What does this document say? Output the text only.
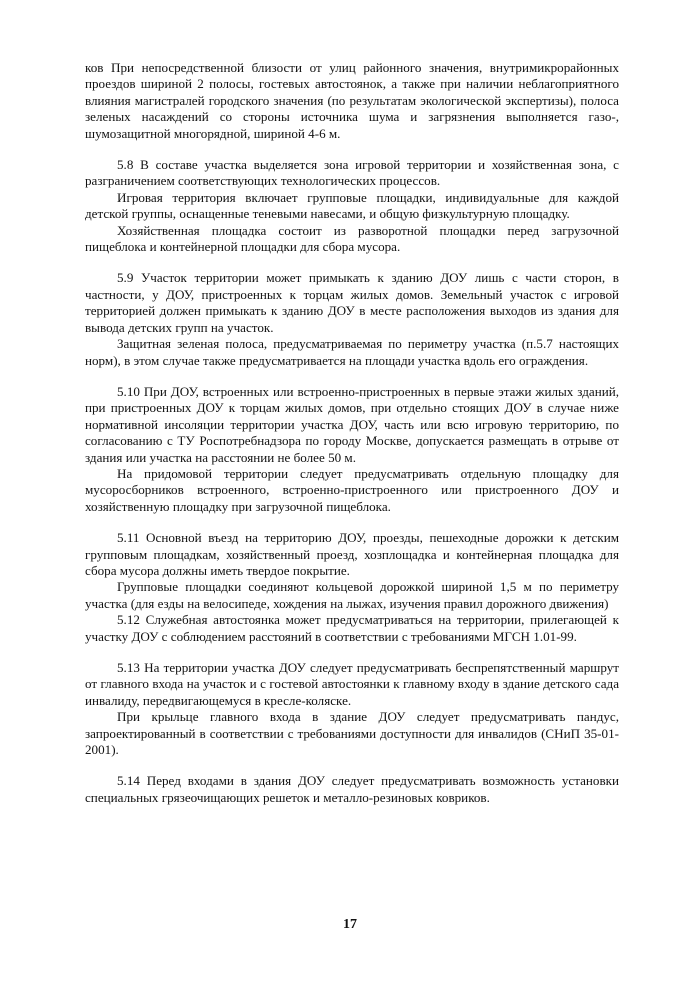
ков При непосредственной близости от улиц районного значения, внутримикрорайонных проездов шириной 2 полосы, гостевых автостоянок, а также при наличии неблагоприятного влияния магистралей городского значения (по результатам экологической экспертизы), полоса зеленых насаждений со стороны источника шума и загрязнения выполняется газо-, шумозащитной многорядной, шириной 4-6 м.

5.8 В составе участка выделяется зона игровой территории и хозяйственная зона, с разграничением соответствующих технологических процессов.

Игровая территория включает групповые площадки, индивидуальные для каждой детской группы, оснащенные теневыми навесами, и общую физкультурную площадку.

Хозяйственная площадка состоит из разворотной площадки перед загрузочной пищеблока и контейнерной площадки для сбора мусора.

5.9 Участок территории может примыкать к зданию ДОУ лишь с части сторон, в частности, у ДОУ, пристроенных к торцам жилых домов. Земельный участок с игровой территорией должен примыкать к зданию ДОУ в месте расположения выходов из здания для вывода детских групп на участок.

Защитная зеленая полоса, предусматриваемая по периметру участка (п.5.7 настоящих норм), в этом случае также предусматривается на площади участка вдоль его ограждения.

5.10 При ДОУ, встроенных или встроенно-пристроенных в первые этажи жилых зданий, при пристроенных ДОУ к торцам жилых домов, при отдельно стоящих ДОУ в случае ниже нормативной инсоляции территории участка ДОУ, часть или всю игровую территорию, по согласованию с ТУ Роспотребнадзора по городу Москве, допускается размещать в отрыве от здания или участка на расстоянии не более 50 м.

На придомовой территории следует предусматривать отдельную площадку для мусоросборников встроенного, встроенно-пристроенного или пристроенного ДОУ и хозяйственную площадку при загрузочной пищеблока.

5.11 Основной въезд на территорию ДОУ, проезды, пешеходные дорожки к детским групповым площадкам, хозяйственный проезд, хозплощадка и контейнерная площадка для сбора мусора должны иметь твердое покрытие.

Групповые площадки соединяют кольцевой дорожкой шириной 1,5 м по периметру участка (для езды на велосипеде, хождения на лыжах, изучения правил дорожного движения)

5.12 Служебная автостоянка может предусматриваться на территории, прилегающей к участку ДОУ с соблюдением расстояний в соответствии с требованиями МГСН 1.01-99.

5.13 На территории участка ДОУ следует предусматривать беспрепятственный маршрут от главного входа на участок и с гостевой автостоянки к главному входу в здание детского сада инвалиду, передвигающемуся в кресле-коляске.

При крыльце главного входа в здание ДОУ следует предусматривать пандус, запроектированный в соответствии с требованиями доступности для инвалидов (СНиП 35-01-2001).

5.14 Перед входами в здания ДОУ следует предусматривать возможность установки специальных грязеочищающих решеток и металло-резиновых ковриков.

17
